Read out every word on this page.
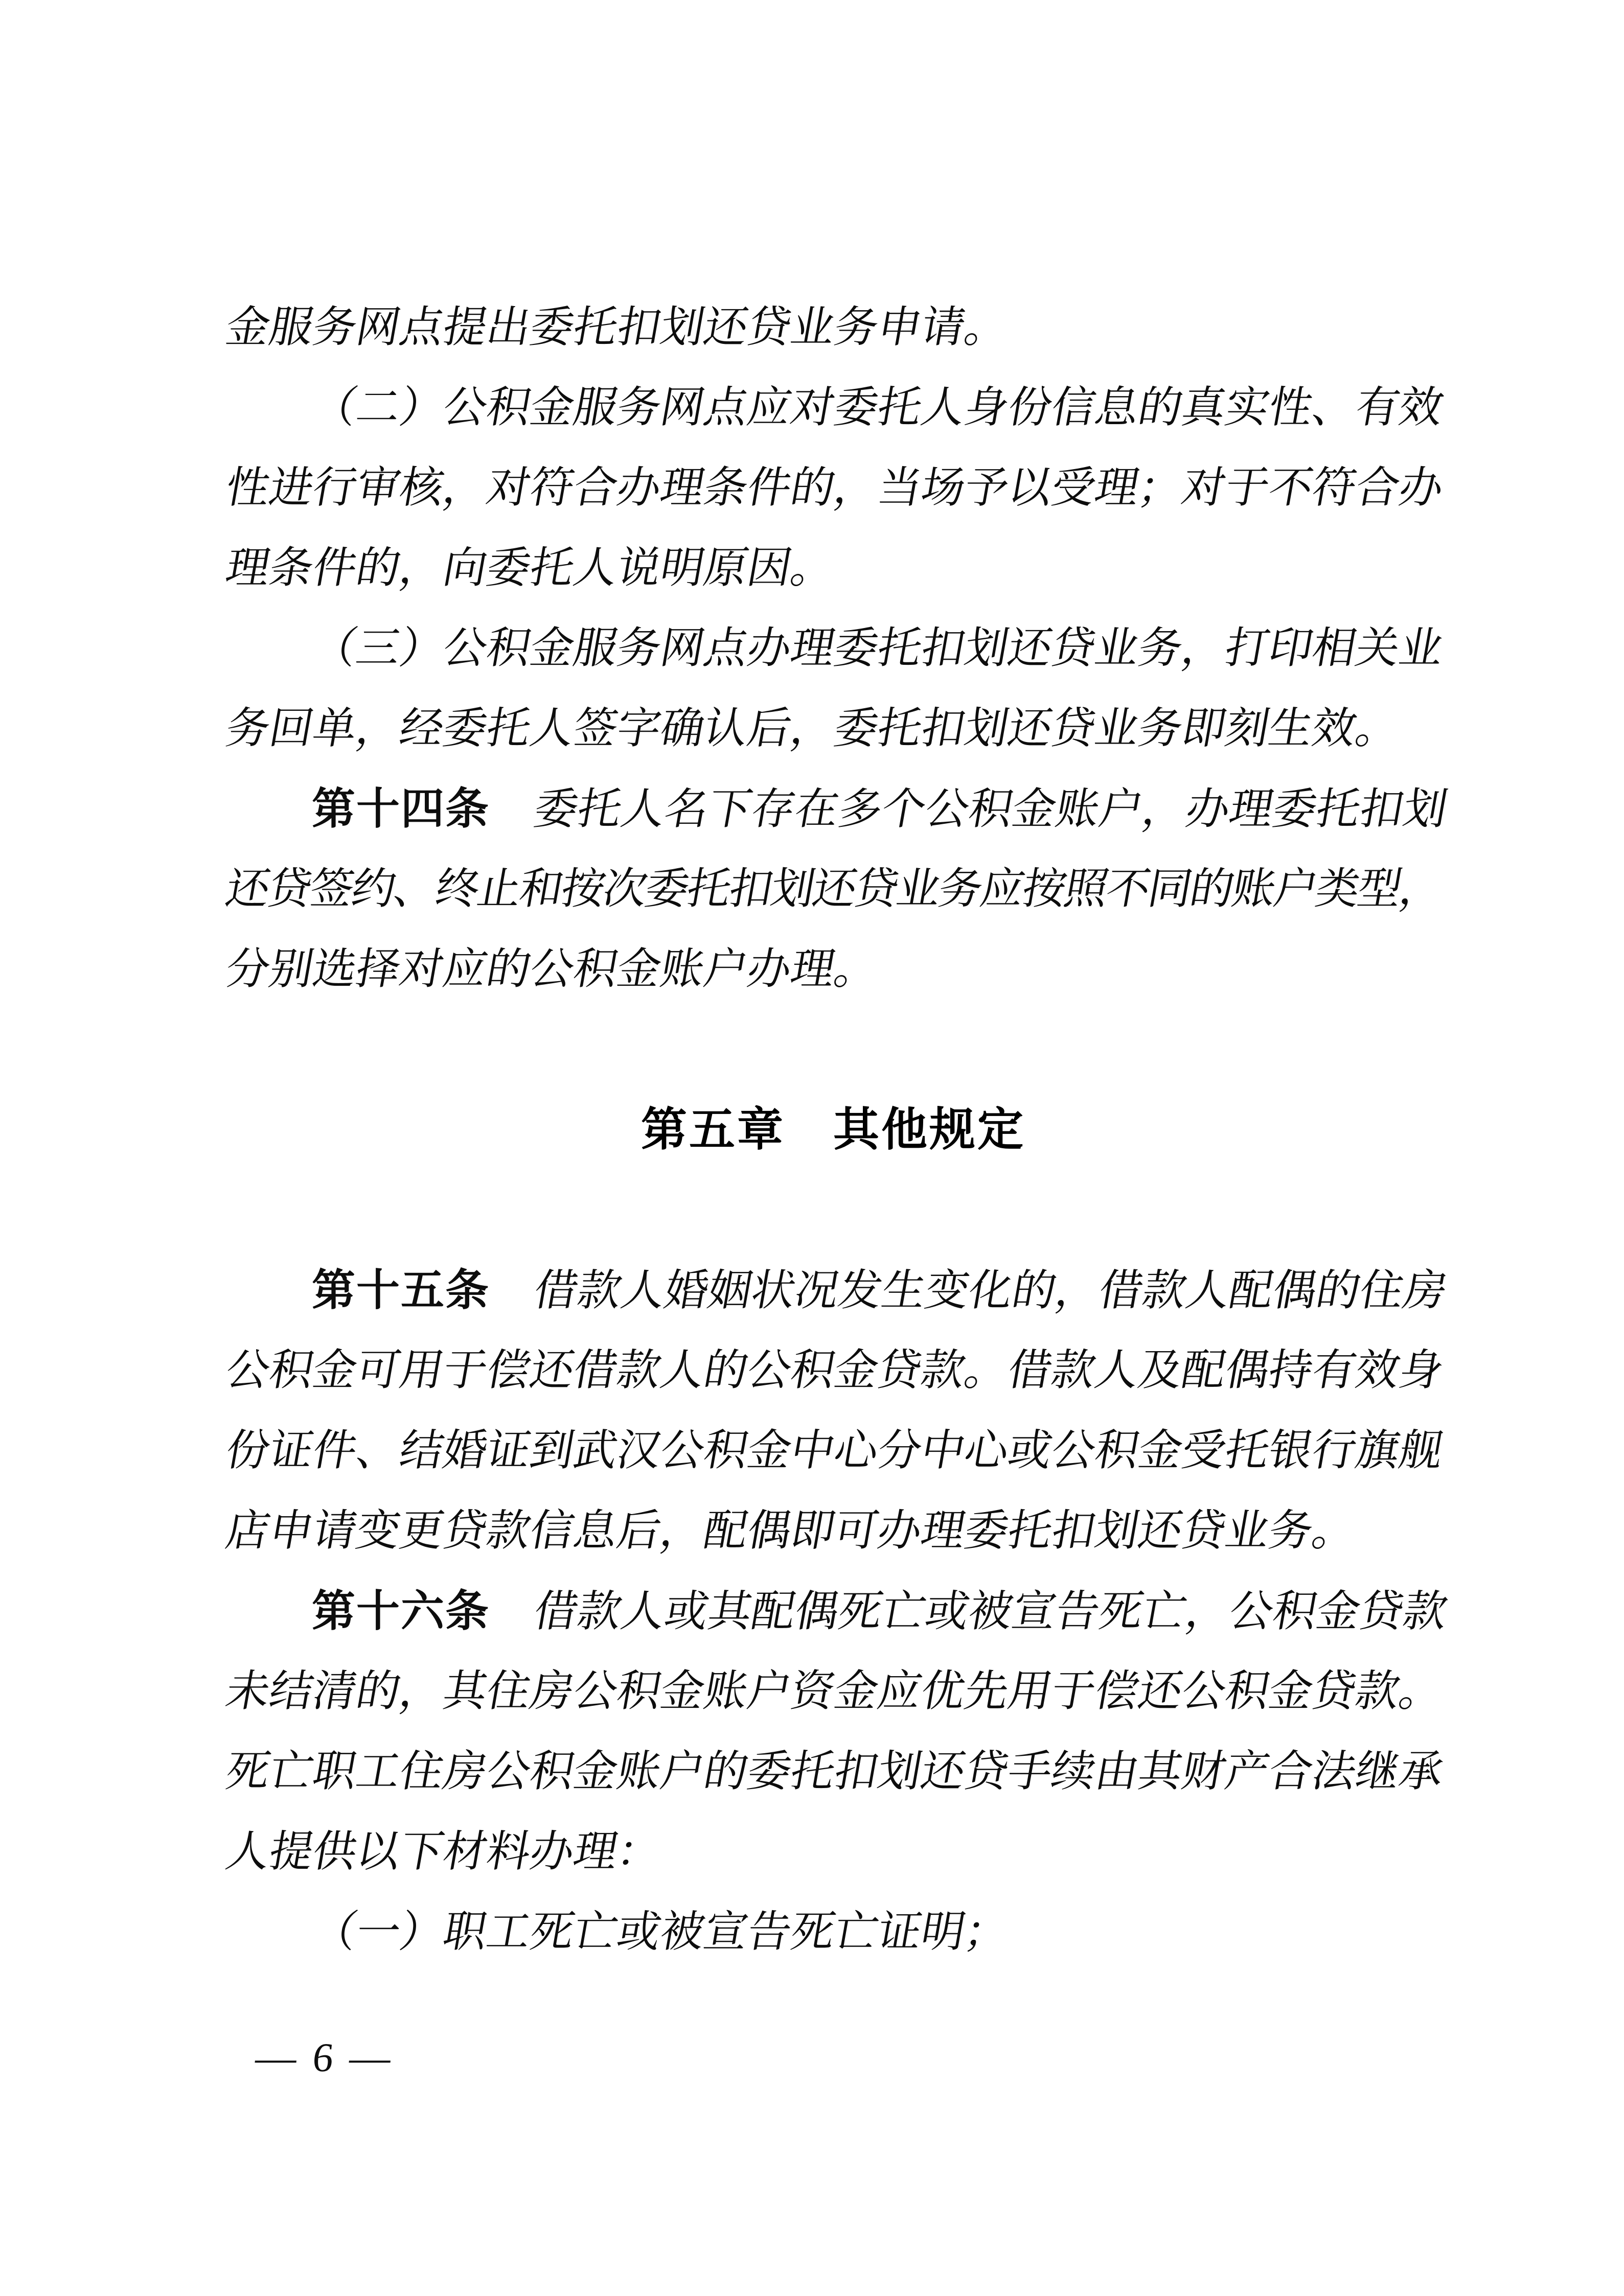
金服务网点提出委托扣划还贷业务申请。
（二）公积金服务网点应对委托人身份信息的真实性、有效
性进行审核，对符合办理条件的，当场予以受理；对于不符合办
理条件的，向委托人说明原因。
（三）公积金服务网点办理委托扣划还贷业务，打印相关业
务回单，经委托人签字确认后，委托扣划还贷业务即刻生效。
第十四条 委托人名下存在多个公积金账户，办理委托扣划
还贷签约、终止和按次委托扣划还贷业务应按照不同的账户类型，
分别选择对应的公积金账户办理。
第五章　其他规定
第十五条 借款人婚姻状况发生变化的，借款人配偶的住房
公积金可用于偿还借款人的公积金贷款。借款人及配偶持有效身
份证件、结婚证到武汉公积金中心分中心或公积金受托银行旗舰
店申请变更贷款信息后，配偶即可办理委托扣划还贷业务。
第十六条 借款人或其配偶死亡或被宣告死亡，公积金贷款
未结清的，其住房公积金账户资金应优先用于偿还公积金贷款。
死亡职工住房公积金账户的委托扣划还贷手续由其财产合法继承
人提供以下材料办理：
（一）职工死亡或被宣告死亡证明；
— 6 —
